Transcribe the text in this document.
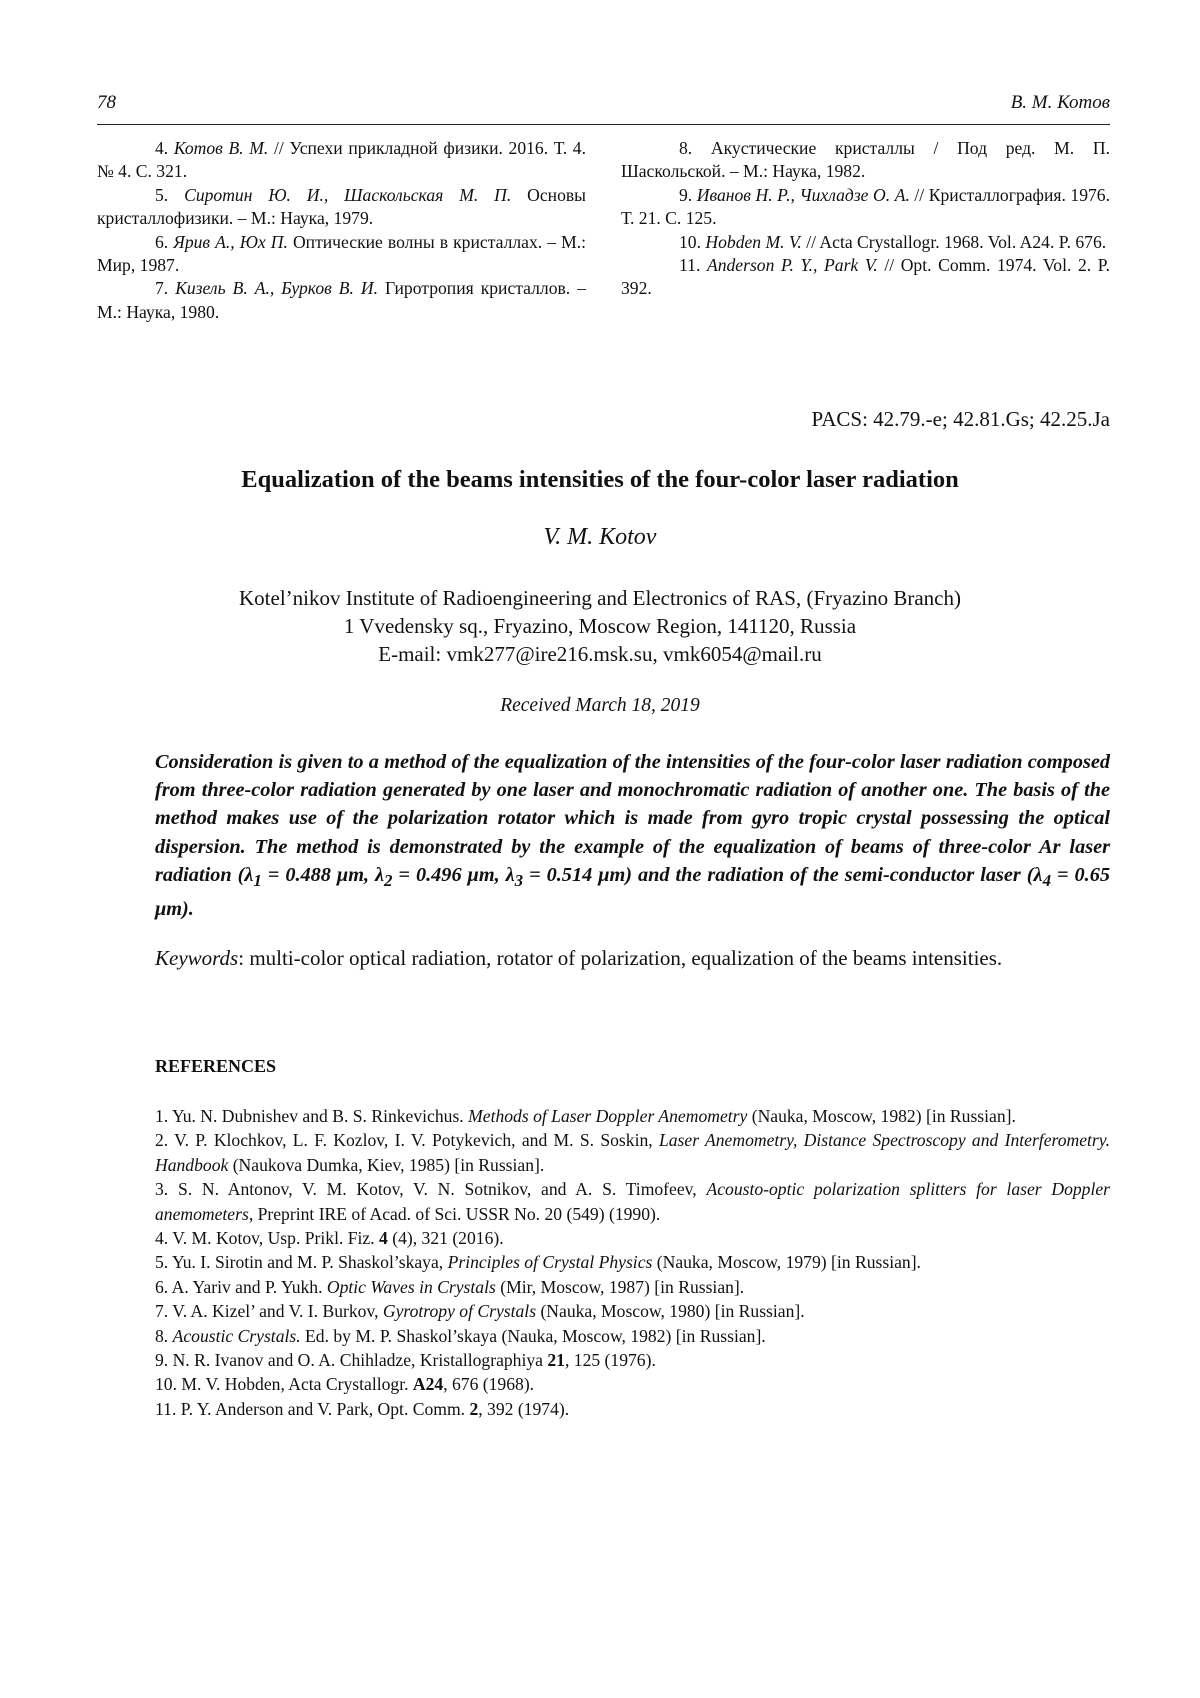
78	В. М. Котов

4. Котов В. М. // Успехи прикладной физики. 2016. Т. 4. № 4. С. 321.

5. Сиротин Ю. И., Шаскольская М. П. Основы кристаллофизики. – М.: Наука, 1979.

6. Ярив А., Юх П. Оптические волны в кристаллах. – М.: Мир, 1987.

7. Кизель В. А., Бурков В. И. Гиротропия кристаллов. – М.: Наука, 1980.

8. Акустические кристаллы / Под ред. М. П. Шаскольской. – М.: Наука, 1982.

9. Иванов Н. Р., Чихладзе О. А. // Кристаллография. 1976. Т. 21. С. 125.

10. Hobden M. V. // Acta Crystallogr. 1968. Vol. A24. P. 676.

11. Anderson P. Y., Park V. // Opt. Comm. 1974. Vol. 2. P. 392.

PACS: 42.79.-e; 42.81.Gs; 42.25.Ja
Equalization of the beams intensities of the four-color laser radiation
V. M. Kotov
Kotel’nikov Institute of Radioengineering and Electronics of RAS, (Fryazino Branch)
1 Vvedensky sq., Fryazino, Moscow Region, 141120, Russia
E-mail: vmk277@ire216.msk.su, vmk6054@mail.ru
Received March 18, 2019

Consideration is given to a method of the equalization of the intensities of the four-color laser radiation composed from three-color radiation generated by one laser and monochromatic radiation of another one. The basis of the method makes use of the polarization rotator which is made from gyro tropic crystal possessing the optical dispersion. The method is demonstrated by the example of the equalization of beams of three-color Ar laser radiation ($\lambda_1 = 0.488$ μm, $\lambda_2 = 0.496$ μm, $\lambda_3 = 0.514$ μm) and the radiation of the semi-conductor laser ($\lambda_4 = 0.65$ μm).

Keywords: multi-color optical radiation, rotator of polarization, equalization of the beams intensities.

REFERENCES

1. Yu. N. Dubnishev and B. S. Rinkevichus. Methods of Laser Doppler Anemometry (Nauka, Moscow, 1982) [in Russian].

2. V. P. Klochkov, L. F. Kozlov, I. V. Potykevich, and M. S. Soskin, Laser Anemometry, Distance Spectroscopy and Interferometry. Handbook (Naukova Dumka, Kiev, 1985) [in Russian].

3. S. N. Antonov, V. M. Kotov, V. N. Sotnikov, and A. S. Timofeev, Acousto-optic polarization splitters for laser Doppler anemometers, Preprint IRE of Acad. of Sci. USSR No. 20 (549) (1990).

4. V. M. Kotov, Usp. Prikl. Fiz. 4 (4), 321 (2016).

5. Yu. I. Sirotin and M. P. Shaskol’skaya, Principles of Crystal Physics (Nauka, Moscow, 1979) [in Russian].

6. A. Yariv and P. Yukh. Optic Waves in Crystals (Mir, Moscow, 1987) [in Russian].

7. V. A. Kizel’ and V. I. Burkov, Gyrotropy of Crystals (Nauka, Moscow, 1980) [in Russian].

8. Acoustic Crystals. Ed. by M. P. Shaskol’skaya (Nauka, Moscow, 1982) [in Russian].

9. N. R. Ivanov and O. A. Chihladze, Kristallographiya 21, 125 (1976).

10. M. V. Hobden, Acta Crystallogr. A24, 676 (1968).

11. P. Y. Anderson and V. Park, Opt. Comm. 2, 392 (1974).
